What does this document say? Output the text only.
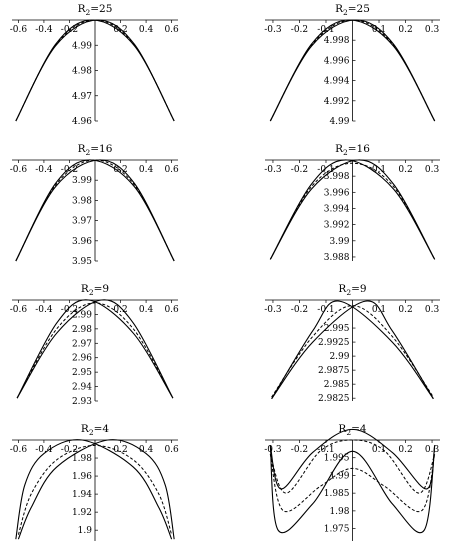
$R_2=25$
-0.6 -0.4 -0.2	0.2 0.4 0.6
4.96
4.97
4.98
4.99
$R_2=25$
-0.3 -0.2 -0.1	0.1 0.2 0.3
4.998
4.996
4.994
4.992
4.99
$R_2=16$
-0.6 -0.4 -0.2	0.2 0.4 0.6
3.99
3.98
3.97
3.96
3.95
$R_2=16$
-0.3 -0.2 -0.1	0.1 0.2 0.3
3.998
3.996
3.994
3.992
3.99
3.988
$R_2=9$
-0.6 -0.4 -0.2	0.2 0.4 0.6
2.99
2.98
2.97
2.96
2.95
2.94
2.93
$R_2=9$
-0.3 -0.2 -0.1	0.1 0.2 0.3
2.995
2.9925
2.99
2.9875
2.985
2.9825
$R_2=4$
-0.6 -0.4 -0.2	0.2 0.4 0.6
1.98
1.96
1.94
1.92
1.9
$R_2=4$
-0.3 -0.2 -0.1	0.1 0.2 0.3
1.995
1.99
1.985
1.98
1.975
